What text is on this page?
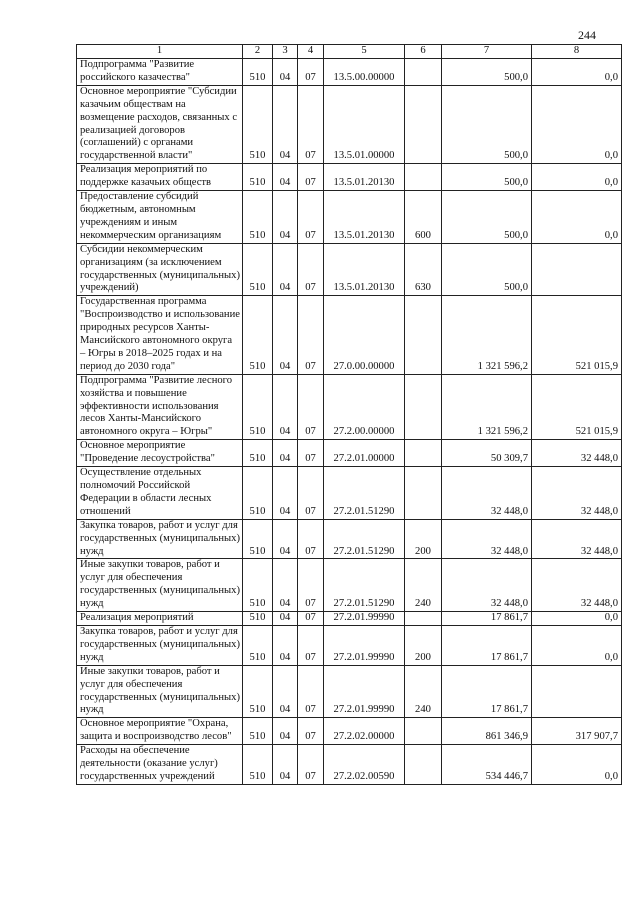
244
1	2	3	4	5	6	7	8
Подпрограмма "Развитие российского казачества"	510	04	07	13.5.00.00000		500,0	0,0
Основное мероприятие "Субсидии казачьим обществам на возмещение расходов, связанных с реализацией договоров (соглашений) с органами государственной власти"	510	04	07	13.5.01.00000		500,0	0,0
Реализация мероприятий по поддержке казачьих обществ	510	04	07	13.5.01.20130		500,0	0,0
Предоставление субсидий бюджетным, автономным учреждениям и иным некоммерческим организациям	510	04	07	13.5.01.20130	600	500,0	0,0
Субсидии некоммерческим организациям (за исключением государственных (муниципальных) учреждений)	510	04	07	13.5.01.20130	630	500,0	
Государственная программа "Воспроизводство и использование природных ресурсов Ханты-Мансийского автономного округа – Югры в 2018–2025 годах и на период до 2030 года"	510	04	07	27.0.00.00000		1 321 596,2	521 015,9
Подпрограмма "Развитие лесного хозяйства и повышение эффективности использования лесов Ханты-Мансийского автономного округа – Югры"	510	04	07	27.2.00.00000		1 321 596,2	521 015,9
Основное мероприятие "Проведение лесоустройства"	510	04	07	27.2.01.00000		50 309,7	32 448,0
Осуществление отдельных полномочий Российской Федерации в области лесных отношений	510	04	07	27.2.01.51290		32 448,0	32 448,0
Закупка товаров, работ и услуг для государственных (муниципальных) нужд	510	04	07	27.2.01.51290	200	32 448,0	32 448,0
Иные закупки товаров, работ и услуг для обеспечения государственных (муниципальных) нужд	510	04	07	27.2.01.51290	240	32 448,0	32 448,0
Реализация мероприятий	510	04	07	27.2.01.99990		17 861,7	0,0
Закупка товаров, работ и услуг для государственных (муниципальных) нужд	510	04	07	27.2.01.99990	200	17 861,7	0,0
Иные закупки товаров, работ и услуг для обеспечения государственных (муниципальных) нужд	510	04	07	27.2.01.99990	240	17 861,7	
Основное мероприятие "Охрана, защита и воспроизводство лесов"	510	04	07	27.2.02.00000		861 346,9	317 907,7
Расходы на обеспечение деятельности (оказание услуг) государственных учреждений	510	04	07	27.2.02.00590		534 446,7	0,0
